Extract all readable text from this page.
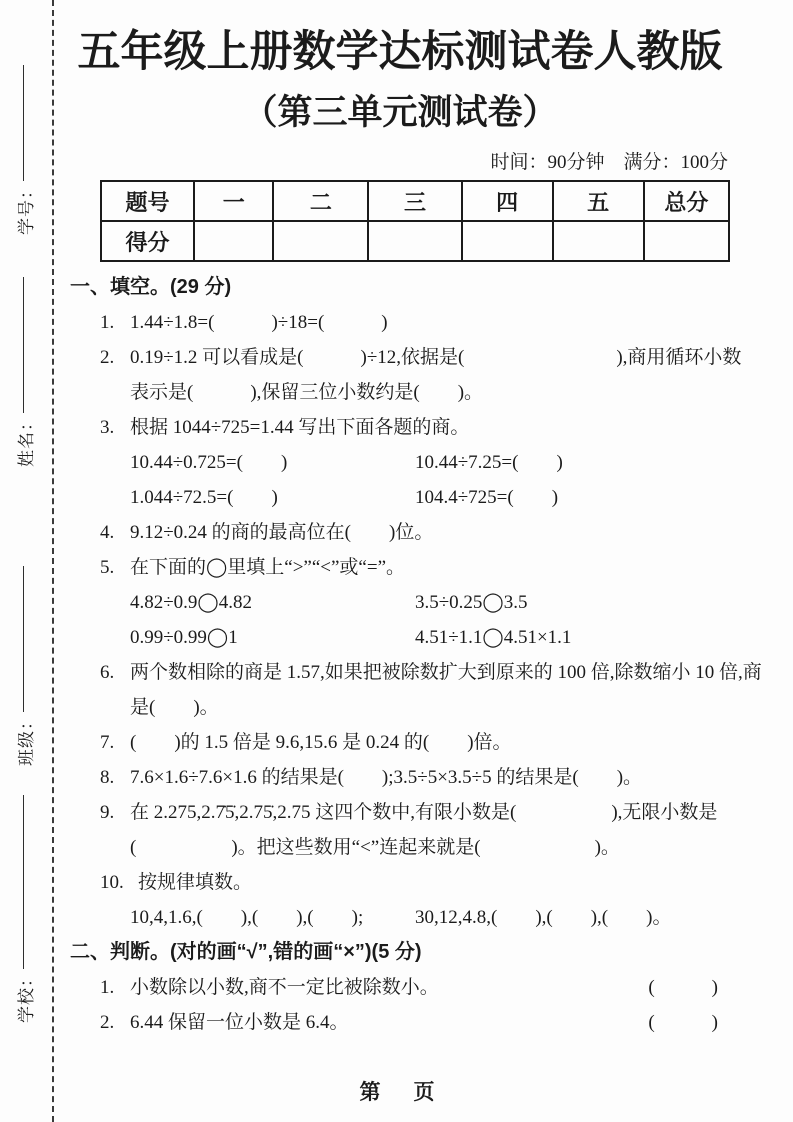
学号：
姓名：
班级：
学校：
五年级上册数学达标测试卷人教版
（第三单元测试卷）
时间：90分钟　满分：100分
题号	一	二	三	四	五	总分
得分						
一、填空。(29 分)
1. 1.44÷1.8=(　　　)÷18=(　　　)
2. 0.19÷1.2 可以看成是(　　　)÷12,依据是(　　　　　　　　),商用循环小数
表示是(　　　),保留三位小数约是(　　)。
3. 根据 1044÷725=1.44 写出下面各题的商。
10.44÷0.725=(　　)	10.44÷7.25=(　　)
1.044÷72.5=(　　)	104.4÷725=(　　)
4. 9.12÷0.24 的商的最高位在(　　)位。
5. 在下面的◯里填上“>”“<”或“=”。
4.82÷0.9◯4.82	3.5÷0.25◯3.5
0.99÷0.99◯1	4.51÷1.1◯4.51×1.1
6. 两个数相除的商是 1.57,如果把被除数扩大到原来的 100 倍,除数缩小 10 倍,商
是(　　)。
7. (　　)的 1.5 倍是 9.6,15.6 是 0.24 的(　　)倍。
8. 7.6×1.6÷7.6×1.6 的结果是(　　);3.5÷5×3.5÷5 的结果是(　　)。
9. 在 2.275,2.7̇5̇,2.75̇,2.75 这四个数中,有限小数是(　　　　　),无限小数是
(　　　　　)。把这些数用“<”连起来就是(　　　　　　)。
10. 按规律填数。
10,4,1.6,(　　),(　　),(　　);	30,12,4.8,(　　),(　　),(　　)。
二、判断。(对的画“√”,错的画“×”)(5 分)
1. 小数除以小数,商不一定比被除数小。	(　　　)
2. 6.44 保留一位小数是 6.4。	(　　　)
第　页
